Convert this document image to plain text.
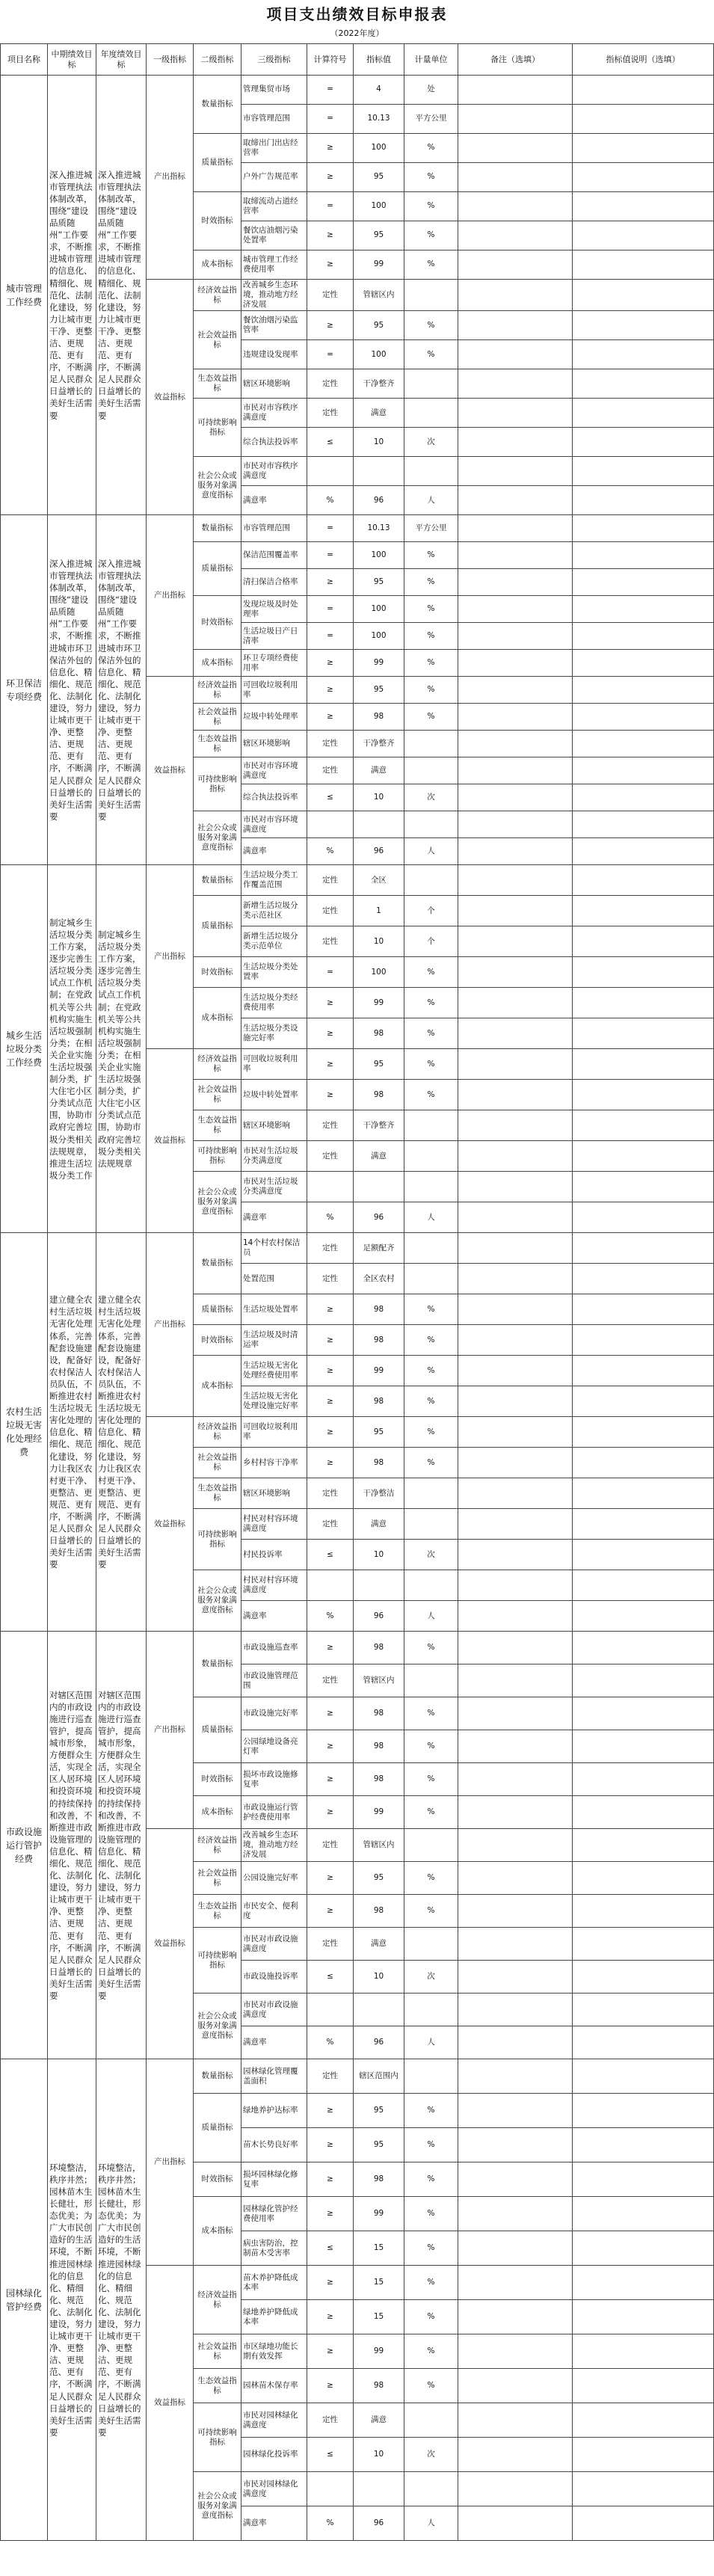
项目支出绩效目标申报表
（2022年度）
项目名称	中期绩效目标	年度绩效目标	一级指标	二级指标	三级指标	计算符号	指标值	计量单位	备注（选填）	指标值说明（选填）
城市管理工作经费	深入推进城市管理执法体制改革，围绕“建设品质随州”工作要求，不断推进城市管理的信息化、精细化、规范化、法制化建设，努力让城市更干净、更整洁、更规范、更有序，不断满足人民群众日益增长的美好生活需要	深入推进城市管理执法体制改革，围绕“建设品质随州”工作要求，不断推进城市管理的信息化、精细化、规范化、法制化建设，努力让城市更干净、更整洁、更规范、更有序，不断满足人民群众日益增长的美好生活需要	产出指标	数量指标	管理集贸市场	=	4	处		
					市容管理范围	=	10.13	平方公里		
				质量指标	取缔出门出店经营率	≥	100	%		
					户外广告规范率	≥	95	%		
				时效指标	取缔流动占道经营率	=	100	%		
					餐饮店油烟污染处置率	≥	95	%		
				成本指标	城市管理工作经费使用率	≥	99	%		
			效益指标	经济效益指标	改善城乡生态环境，推动地方经济发展	定性	管辖区内			
				社会效益指标	餐饮油烟污染监管率	≥	95	%		
					违规建设发现率	=	100	%		
				生态效益指标	辖区环境影响	定性	干净整齐			
				可持续影响指标	市民对市容秩序满意度	定性	满意			
					综合执法投诉率	≤	10	次		
				社会公众或服务对象满意度指标	市民对市容秩序满意度					
					满意率	%	96	人		
环卫保洁专项经费	深入推进城市管理执法体制改革，围绕“建设品质随州”工作要求，不断推进城市环卫保洁外包的信息化、精细化、规范化、法制化建设，努力让城市更干净、更整洁、更规范、更有序，不断满足人民群众日益增长的美好生活需要	深入推进城市管理执法体制改革，围绕“建设品质随州”工作要求，不断推进城市环卫保洁外包的信息化、精细化、规范化、法制化建设，努力让城市更干净、更整洁、更规范、更有序，不断满足人民群众日益增长的美好生活需要	产出指标	数量指标	市容管理范围	=	10.13	平方公里		
				质量指标	保洁范围覆盖率	=	100	%		
					清扫保洁合格率	≥	95	%		
				时效指标	发现垃圾及时处理率	=	100	%		
					生活垃圾日产日清率	=	100	%		
				成本指标	环卫专项经费使用率	≥	99	%		
			效益指标	经济效益指标	可回收垃圾利用率	≥	95	%		
				社会效益指标	垃圾中转处理率	≥	98	%		
				生态效益指标	辖区环境影响	定性	干净整齐			
				可持续影响指标	市民对市容环境满意度	定性	满意			
					综合执法投诉率	≤	10	次		
				社会公众或服务对象满意度指标	市民对市容环境满意度					
					满意率	%	96	人		
城乡生活垃圾分类工作经费	制定城乡生活垃圾分类工作方案，逐步完善生活垃圾分类试点工作机制；在党政机关等公共机构实施生活垃圾强制分类；在相关企业实施生活垃圾强制分类，扩大住宅小区分类试点范围，协助市政府完善垃圾分类相关法规规章，推进生活垃圾分类工作	制定城乡生活垃圾分类工作方案，逐步完善生活垃圾分类试点工作机制；在党政机关等公共机构实施生活垃圾强制分类；在相关企业实施生活垃圾强制分类，扩大住宅小区分类试点范围，协助市政府完善垃圾分类相关法规规章	产出指标	数量指标	生活垃圾分类工作覆盖范围	定性	全区			
				质量指标	新增生活垃圾分类示范社区	定性	1	个		
					新增生活垃圾分类示范单位	定性	10	个		
				时效指标	生活垃圾分类处置率	=	100	%		
				成本指标	生活垃圾分类经费使用率	≥	99	%		
					生活垃圾分类设施完好率	≥	98	%		
			效益指标	经济效益指标	可回收垃圾利用率	≥	95	%		
				社会效益指标	垃圾中转处置率	≥	98	%		
				生态效益指标	辖区环境影响	定性	干净整齐			
				可持续影响指标	市民对生活垃圾分类满意度	定性	满意			
				社会公众或服务对象满意度指标	市民对生活垃圾分类满意度					
					满意率	%	96	人		
农村生活垃圾无害化处理经费	建立健全农村生活垃圾无害化处理体系，完善配套设施建设，配备好农村保洁人员队伍，不断推进农村生活垃圾无害化处理的信息化、精细化、规范化建设，努力让我区农村更干净、更整洁、更规范、更有序，不断满足人民群众日益增长的美好生活需要	建立健全农村生活垃圾无害化处理体系，完善配套设施建设，配备好农村保洁人员队伍，不断推进农村生活垃圾无害化处理的信息化、精细化、规范化建设，努力让我区农村更干净、更整洁、更规范、更有序，不断满足人民群众日益增长的美好生活需要	产出指标	数量指标	14个村农村保洁员	定性	足额配齐			
					处置范围	定性	全区农村			
				质量指标	生活垃圾处置率	≥	98	%		
				时效指标	生活垃圾及时清运率	≥	98	%		
				成本指标	生活垃圾无害化处理经费使用率	≥	99	%		
					生活垃圾无害化处理设施完好率	≥	98	%		
			效益指标	经济效益指标	可回收垃圾利用率	≥	95	%		
				社会效益指标	乡村村容干净率	≥	98	%		
				生态效益指标	辖区环境影响	定性	干净整洁			
				可持续影响指标	村民对村容环境满意度	定性	满意			
					村民投诉率	≤	10	次		
				社会公众或服务对象满意度指标	村民对村容环境满意度					
					满意率	%	96	人		
市政设施运行管护经费	对辖区范围内的市政设施进行巡查管护，提高城市形象，方便群众生活，实现全区人居环境和投资环境的持续保持和改善，不断推进市政设施管理的信息化、精细化、规范化、法制化建设，努力让城市更干净、更整洁、更规范、更有序，不断满足人民群众日益增长的美好生活需要	对辖区范围内的市政设施进行巡查管护，提高城市形象，方便群众生活，实现全区人居环境和投资环境的持续保持和改善，不断推进市政设施管理的信息化、精细化、规范化、法制化建设，努力让城市更干净、更整洁、更规范、更有序，不断满足人民群众日益增长的美好生活需要	产出指标	数量指标	市政设施巡查率	≥	98	%		
					市政设施管理范围	定性	管辖区内			
				质量指标	市政设施完好率	≥	98	%		
					公园绿地设备亮灯率	≥	98	%		
				时效指标	损坏市政设施修复率	≥	98	%		
				成本指标	市政设施运行管护经费使用率	≥	99	%		
			效益指标	经济效益指标	改善城乡生态环境，推动地方经济发展	定性	管辖区内			
				社会效益指标	公园设施完好率	≥	95	%		
				生态效益指标	市民安全、便利度	≥	98	%		
				可持续影响指标	市民对市政设施满意度	定性	满意			
					市政设施投诉率	≤	10	次		
				社会公众或服务对象满意度指标	市民对市政设施满意度					
					满意率	%	96	人		
园林绿化管护经费	环境整洁，秩序井然；园林苗木生长健壮，形态优美；为广大市民创造好的生活环境，不断推进园林绿化的信息化、精细化、规范化、法制化建设，努力让城市更干净、更整洁、更规范、更有序，不断满足人民群众日益增长的美好生活需要	环境整洁，秩序井然；园林苗木生长健壮，形态优美；为广大市民创造好的生活环境，不断推进园林绿化的信息化、精细化、规范化、法制化建设，努力让城市更干净、更整洁、更规范、更有序，不断满足人民群众日益增长的美好生活需要	产出指标	数量指标	园林绿化管理覆盖面积	定性	辖区范围内			
				质量指标	绿地养护达标率	≥	95	%		
					苗木长势良好率	≥	95	%		
				时效指标	损坏园林绿化修复率	≥	98	%		
				成本指标	园林绿化管护经费使用率	≥	99	%		
					病虫害防治，控制苗木受害率	≤	15	%		
			效益指标	经济效益指标	苗木养护降低成本率	≥	15	%		
					绿地养护降低成本率	≥	15	%		
				社会效益指标	市区绿地功能长期有效发挥	≥	99	%		
				生态效益指标	园林苗木保存率	≥	98	%		
				可持续影响指标	市民对园林绿化满意度	定性	满意			
					园林绿化投诉率	≤	10	次		
				社会公众或服务对象满意度指标	市民对园林绿化满意度					
					满意率	%	96	人		
